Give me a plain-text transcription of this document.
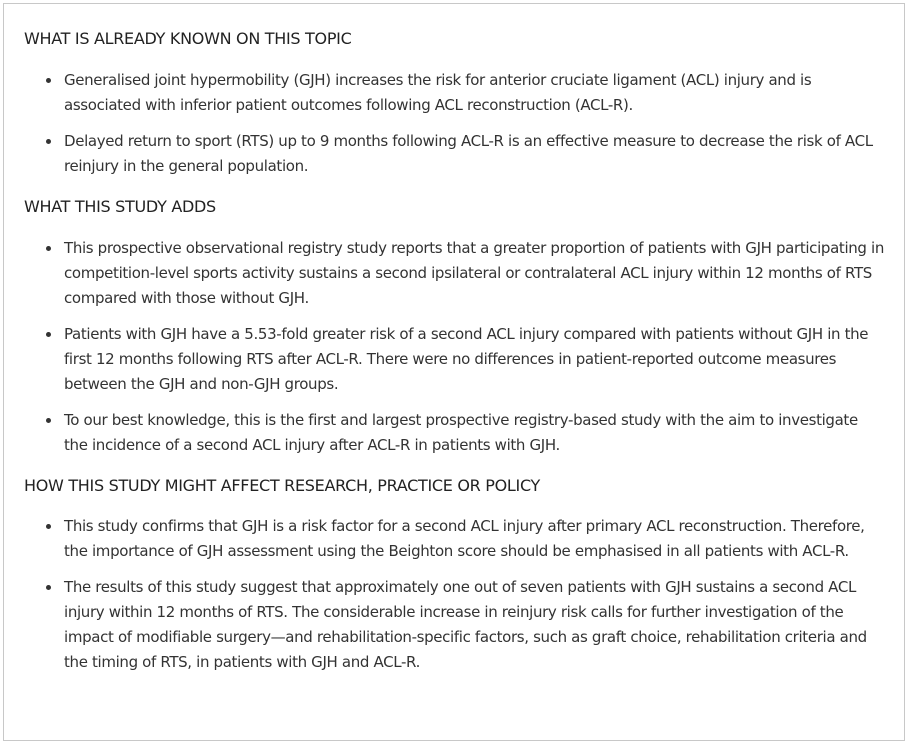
WHAT IS ALREADY KNOWN ON THIS TOPIC
Generalised joint hypermobility (GJH) increases the risk for anterior cruciate ligament (ACL) injury and is associated with inferior patient outcomes following ACL reconstruction (ACL-R).
Delayed return to sport (RTS) up to 9 months following ACL-R is an effective measure to decrease the risk of ACL reinjury in the general population.
WHAT THIS STUDY ADDS
This prospective observational registry study reports that a greater proportion of patients with GJH participating in competition-level sports activity sustains a second ipsilateral or contralateral ACL injury within 12 months of RTS compared with those without GJH.
Patients with GJH have a 5.53-fold greater risk of a second ACL injury compared with patients without GJH in the first 12 months following RTS after ACL-R. There were no differences in patient-reported outcome measures between the GJH and non-GJH groups.
To our best knowledge, this is the first and largest prospective registry-based study with the aim to investigate the incidence of a second ACL injury after ACL-R in patients with GJH.
HOW THIS STUDY MIGHT AFFECT RESEARCH, PRACTICE OR POLICY
This study confirms that GJH is a risk factor for a second ACL injury after primary ACL reconstruction. Therefore, the importance of GJH assessment using the Beighton score should be emphasised in all patients with ACL-R.
The results of this study suggest that approximately one out of seven patients with GJH sustains a second ACL injury within 12 months of RTS. The considerable increase in reinjury risk calls for further investigation of the impact of modifiable surgery—and rehabilitation-specific factors, such as graft choice, rehabilitation criteria and the timing of RTS, in patients with GJH and ACL-R.
